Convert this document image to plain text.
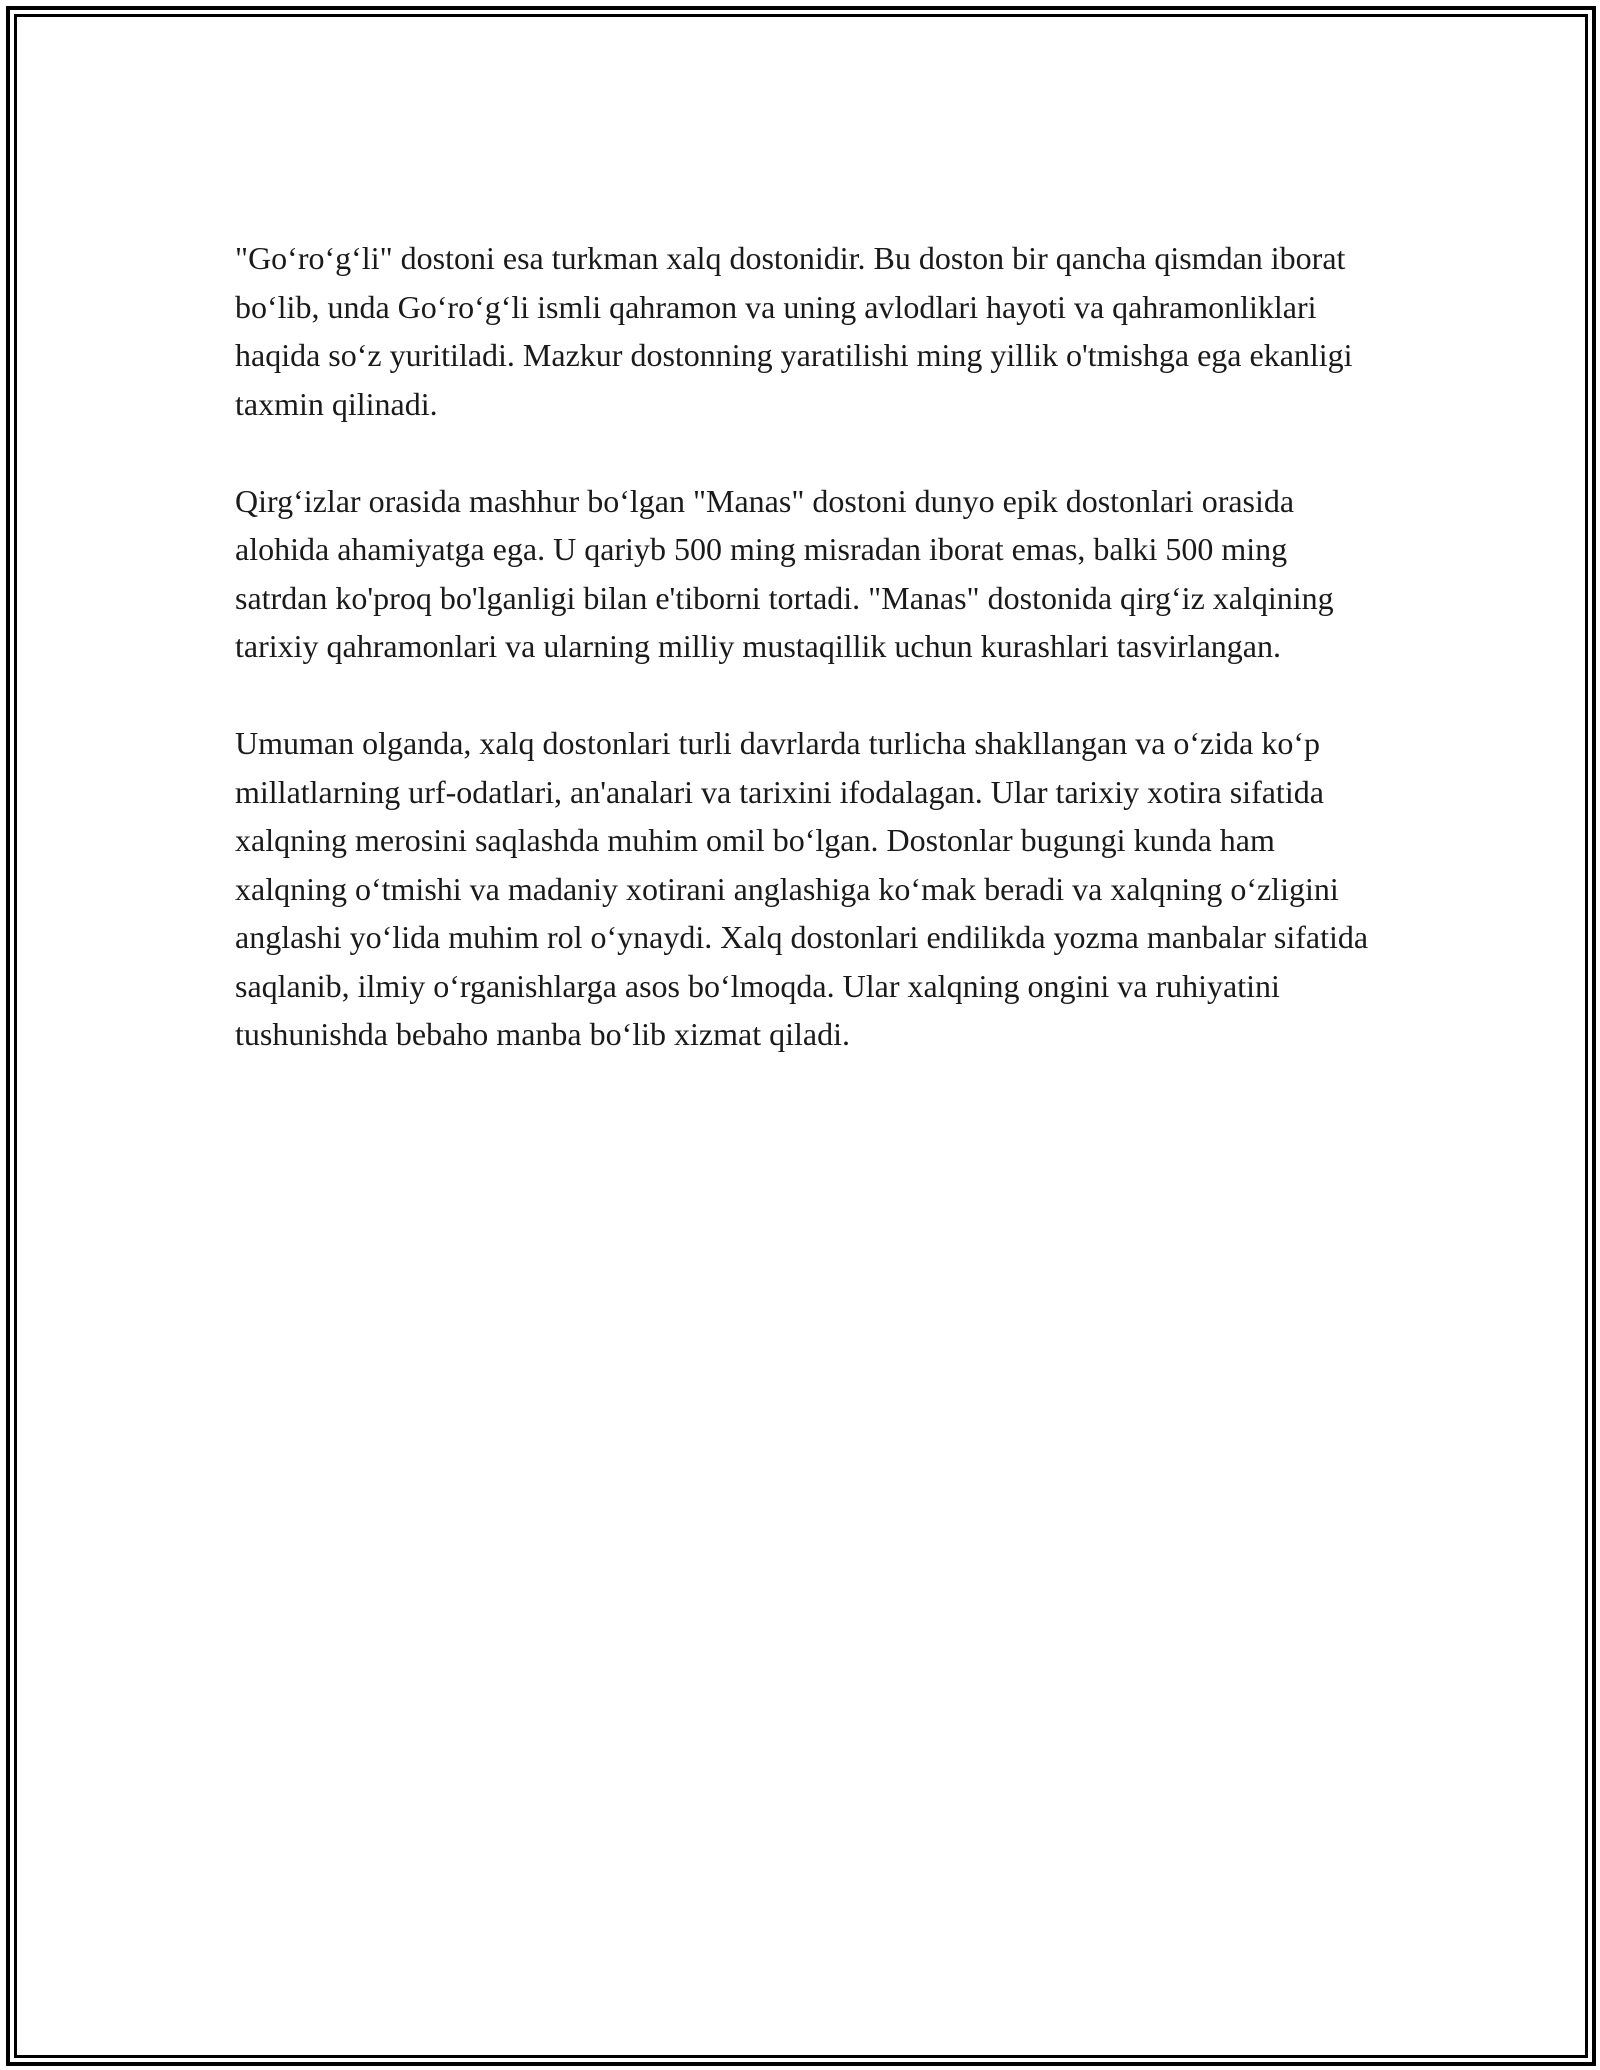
"Go‘ro‘g‘li" dostoni esa turkman xalq dostonidir. Bu doston bir qancha qismdan iborat bo‘lib, unda Go‘ro‘g‘li ismli qahramon va uning avlodlari hayoti va qahramonliklari haqida so‘z yuritiladi. Mazkur dostonning yaratilishi ming yillik o'tmishga ega ekanligi taxmin qilinadi.

Qirg‘izlar orasida mashhur bo‘lgan "Manas" dostoni dunyo epik dostonlari orasida alohida ahamiyatga ega. U qariyb 500 ming misradan iborat emas, balki 500 ming satrdan ko'proq bo'lganligi bilan e'tiborni tortadi. "Manas" dostonida qirg‘iz xalqining tarixiy qahramonlari va ularning milliy mustaqillik uchun kurashlari tasvirlangan.

Umuman olganda, xalq dostonlari turli davrlarda turlicha shakllangan va o‘zida ko‘p millatlarning urf-odatlari, an'analari va tarixini ifodalagan. Ular tarixiy xotira sifatida xalqning merosini saqlashda muhim omil bo‘lgan. Dostonlar bugungi kunda ham xalqning o‘tmishi va madaniy xotirani anglashiga ko‘mak beradi va xalqning o‘zligini anglashi yo‘lida muhim rol o‘ynaydi. Xalq dostonlari endilikda yozma manbalar sifatida saqlanib, ilmiy o‘rganishlarga asos bo‘lmoqda. Ular xalqning ongini va ruhiyatini tushunishda bebaho manba bo‘lib xizmat qiladi.
